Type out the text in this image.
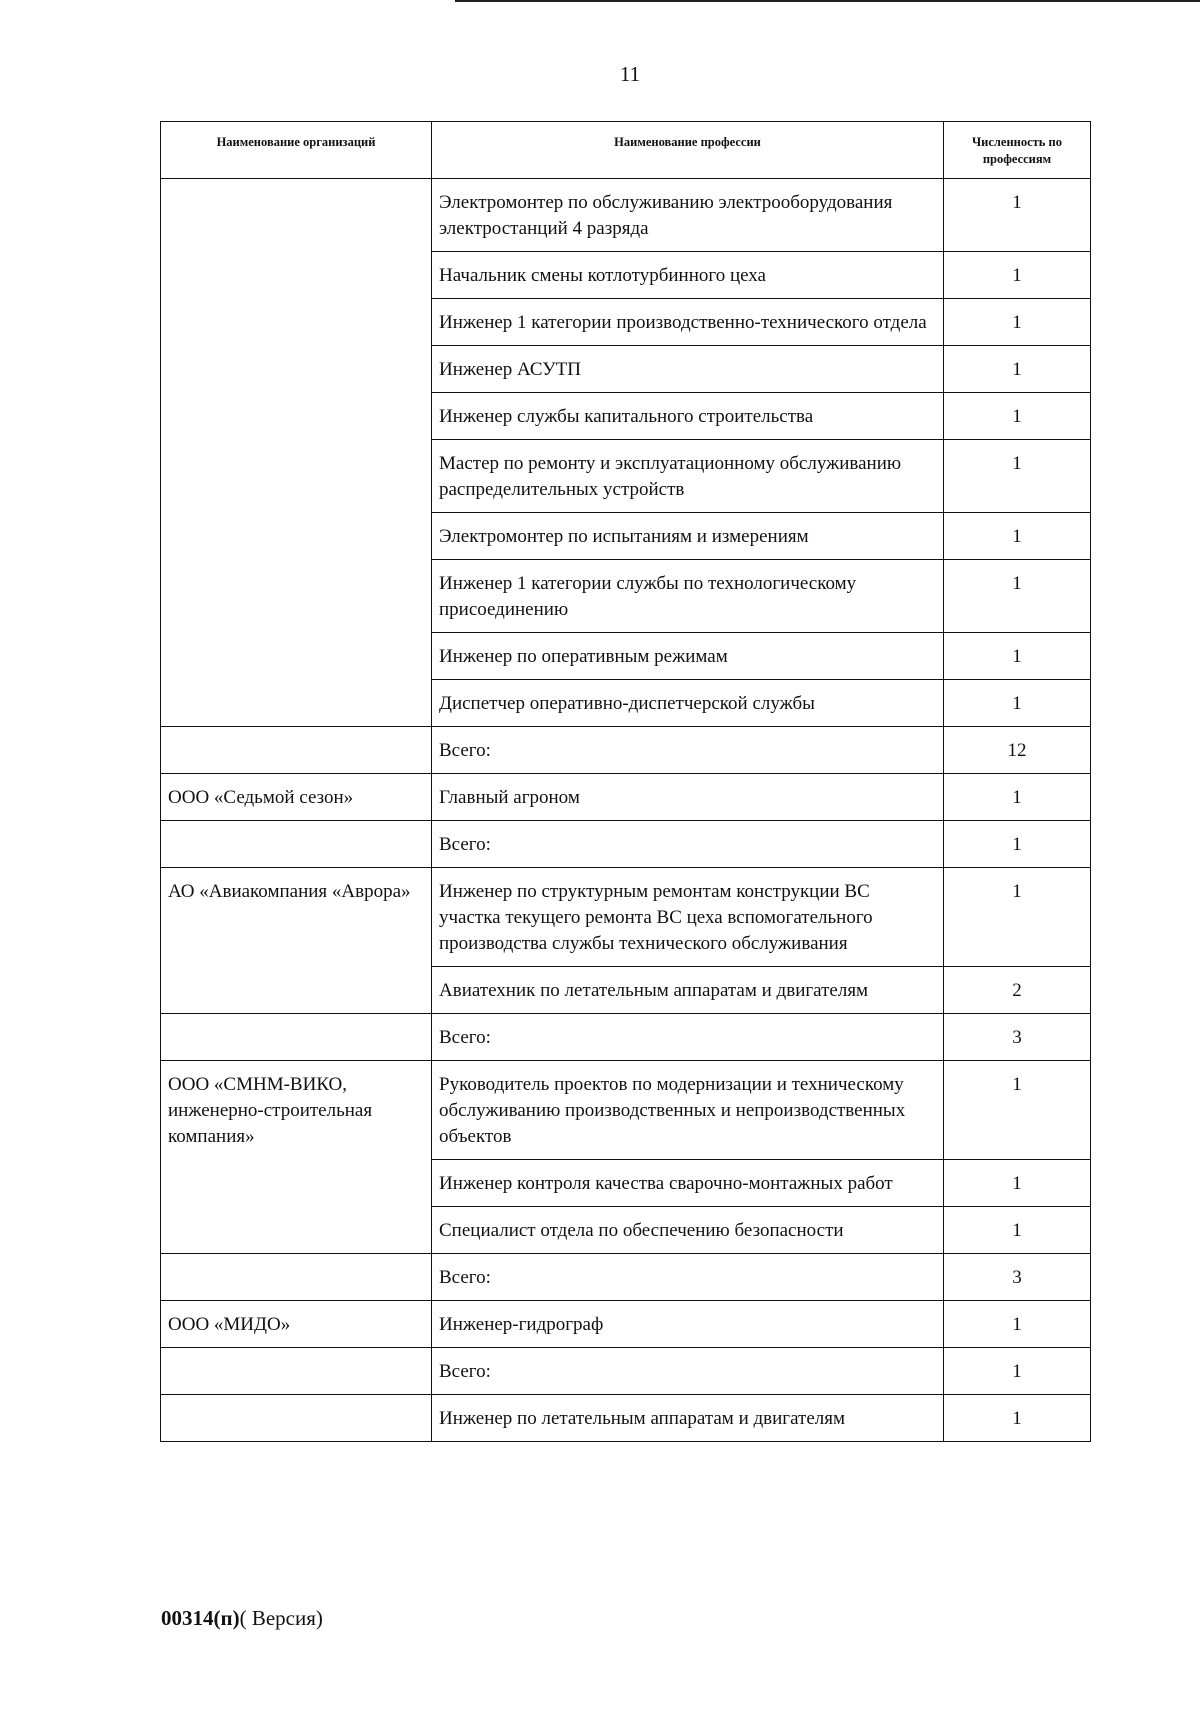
11
Наименование организаций	Наименование профессии	Численность по профессиям
	Электромонтер по обслуживанию электрооборудования электростанций 4 разряда	1
	Начальник смены котлотурбинного цеха	1
	Инженер 1 категории производственно-технического отдела	1
	Инженер АСУТП	1
	Инженер службы капитального строительства	1
	Мастер по ремонту и эксплуатационному обслуживанию распределительных устройств	1
	Электромонтер по испытаниям и измерениям	1
	Инженер 1 категории службы по технологическому присоединению	1
	Инженер по оперативным режимам	1
	Диспетчер оперативно-диспетчерской службы	1
	Всего:	12
ООО «Седьмой сезон»	Главный агроном	1
	Всего:	1
АО «Авиакомпания «Аврора»	Инженер по структурным ремонтам конструкции ВС участка текущего ремонта ВС цеха вспомогательного производства службы технического обслуживания	1
	Авиатехник по летательным аппаратам и двигателям	2
	Всего:	3
ООО «СМНМ-ВИКО, инженерно-строительная компания»	Руководитель проектов по модернизации и техническому обслуживанию производственных и непроизводственных объектов	1
	Инженер контроля качества сварочно-монтажных работ	1
	Специалист отдела по обеспечению безопасности	1
	Всего:	3
ООО «МИДО»	Инженер-гидрограф	1
	Всего:	1
	Инженер по летательным аппаратам и двигателям	1
00314(п)( Версия)
